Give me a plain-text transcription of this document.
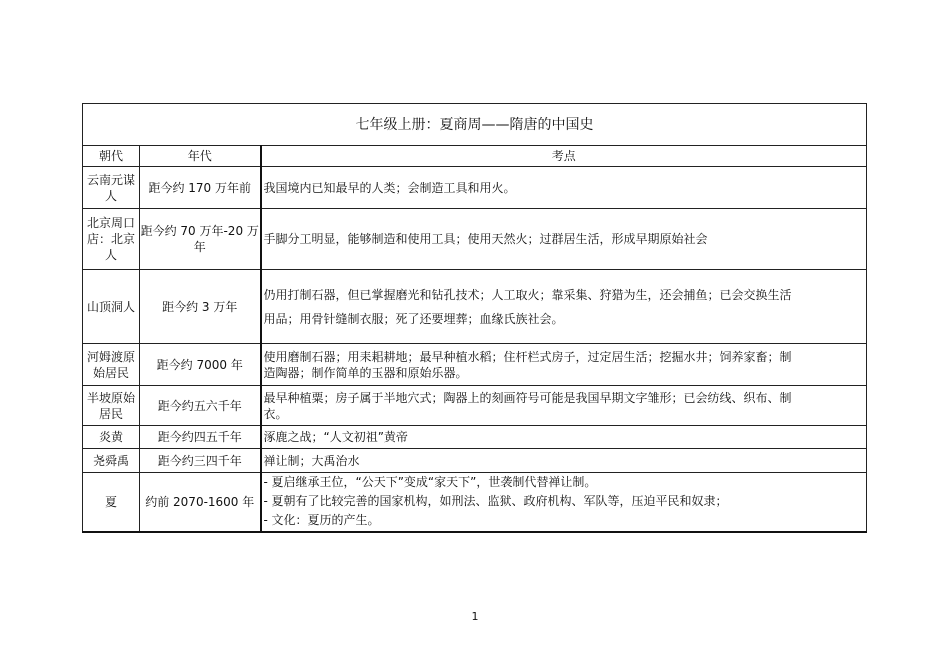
七年级上册：夏商周——隋唐的中国史		
朝代	年代	考点
云南元谋人	距今约 170 万年前	我国境内已知最早的人类；会制造工具和用火。

北京周口店：北京人	距今约 70 万年-20 万年	手脚分工明显，能够制造和使用工具；使用天然火；过群居生活，形成早期原始社会

山顶洞人	距今约 3 万年	仍用打制石器，但已掌握磨光和钻孔技术；人工取火；靠采集、狩猎为生，还会捕鱼；已会交换生活
用品；用骨针缝制衣服；死了还要埋葬；血缘氏族社会。

河姆渡原始居民	距今约 7000 年	使用磨制石器；用耒耜耕地；最早种植水稻；住杆栏式房子，过定居生活；挖掘水井；饲养家畜；制
造陶器；制作简单的玉器和原始乐器。

半坡原始居民	距今约五六千年	最早种植粟；房子属于半地穴式；陶器上的刻画符号可能是我国早期文字雏形；已会纺线、织布、制
衣。

炎黄	距今约四五千年	涿鹿之战；“人文初祖”黄帝

尧舜禹	距今约三四千年	禅让制；大禹治水

夏	约前 2070-1600 年	- 夏启继承王位，“公天下”变成“家天下”，世袭制代替禅让制。
- 夏朝有了比较完善的国家机构，如刑法、监狱、政府机构、军队等，压迫平民和奴隶；
- 文化：夏历的产生。
1
